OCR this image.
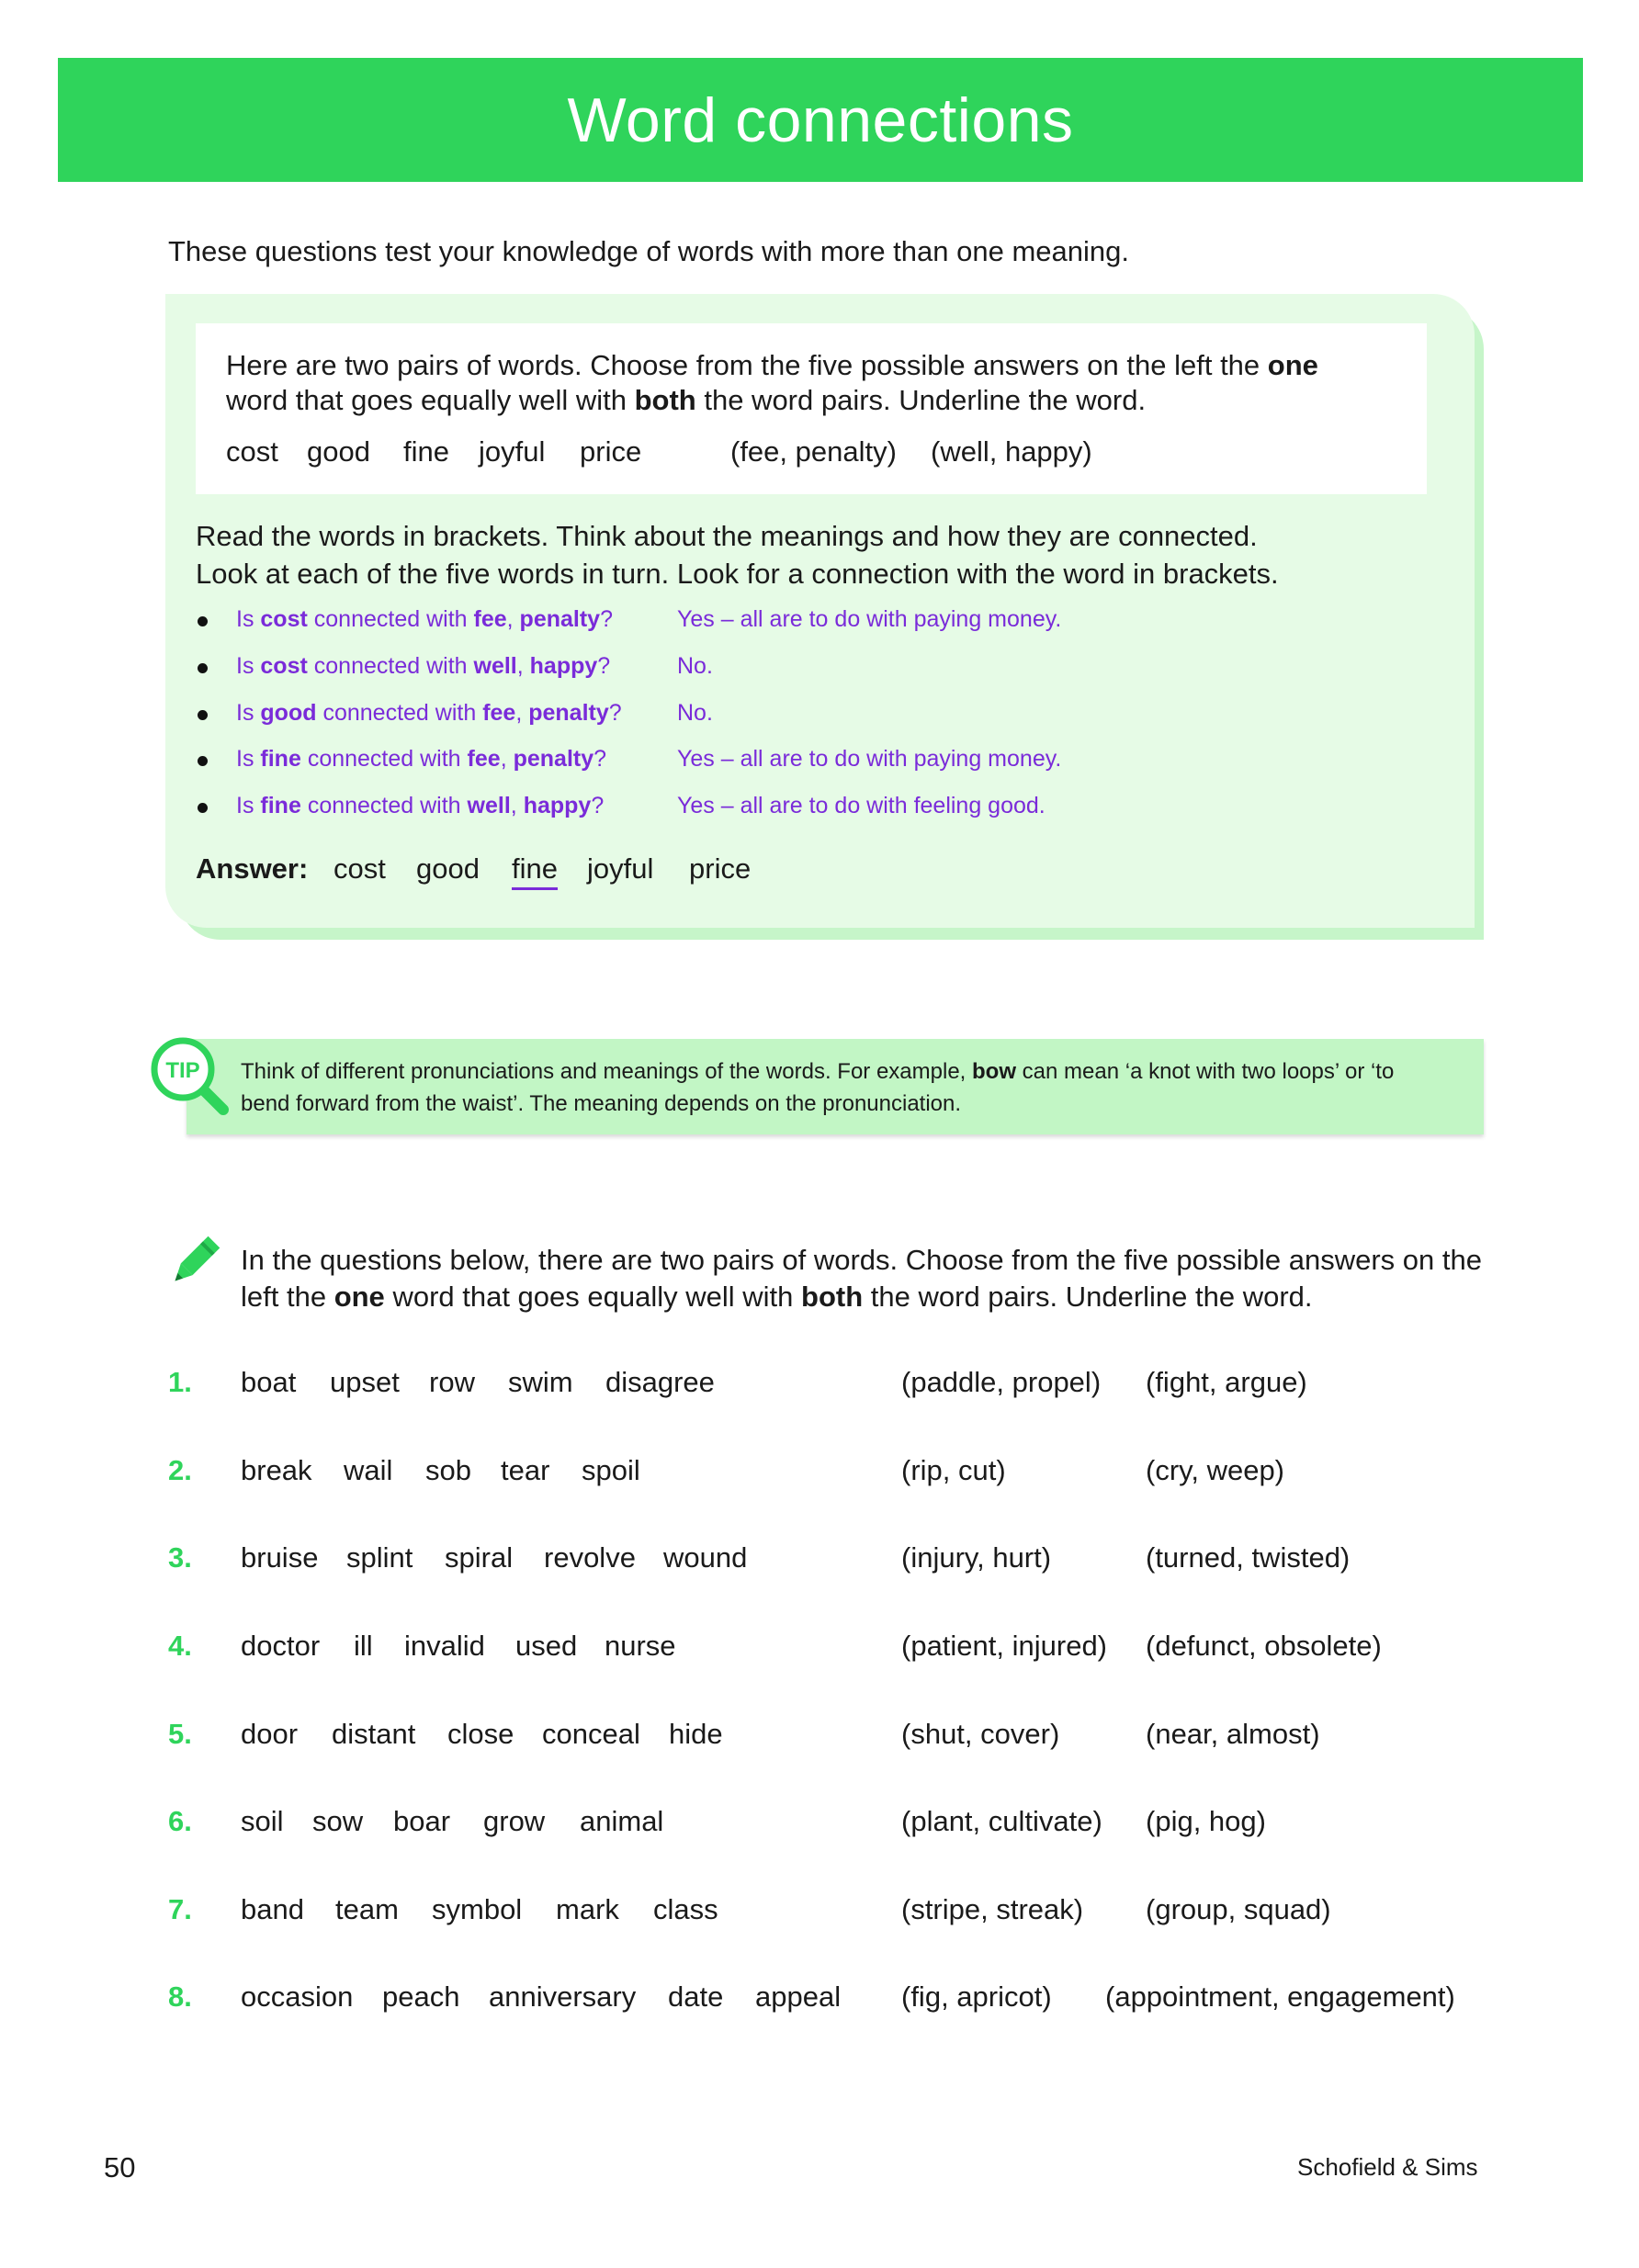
Word connections
These questions test your knowledge of words with more than one meaning.
Here are two pairs of words. Choose from the five possible answers on the left the one
word that goes equally well with both the word pairs. Underline the word.
cost good fine joyful price	(fee, penalty) (well, happy)
Read the words in brackets. Think about the meanings and how they are connected.
Look at each of the five words in turn. Look for a connection with the word in brackets.
Is cost connected with fee, penalty?	Yes – all are to do with paying money.
Is cost connected with well, happy?	No.
Is good connected with fee, penalty? No.
Is fine connected with fee, penalty?	Yes – all are to do with paying money.
Is fine connected with well, happy?	Yes – all are to do with feeling good.
Answer: cost good fine joyful price
TIP Think of different pronunciations and meanings of the words. For example, bow can mean ‘a knot with two loops’ or ‘to bend forward from the waist’. The meaning depends on the pronunciation.
In the questions below, there are two pairs of words. Choose from the five possible answers on the left the one word that goes equally well with both the word pairs. Underline the word.
1. boat upset row swim disagree	(paddle, propel) (fight, argue)
2. break wail sob tear spoil	(rip, cut)	(cry, weep)
3. bruise splint spiral revolve wound	(injury, hurt)	(turned, twisted)
4. doctor ill invalid used nurse	(patient, injured) (defunct, obsolete)
5. door distant close conceal hide	(shut, cover)	(near, almost)
6. soil sow boar grow animal	(plant, cultivate) (pig, hog)
7. band team symbol mark class	(stripe, streak) (group, squad)
8. occasion peach anniversary date appeal (fig, apricot) (appointment, engagement)
50	Schofield & Sims
